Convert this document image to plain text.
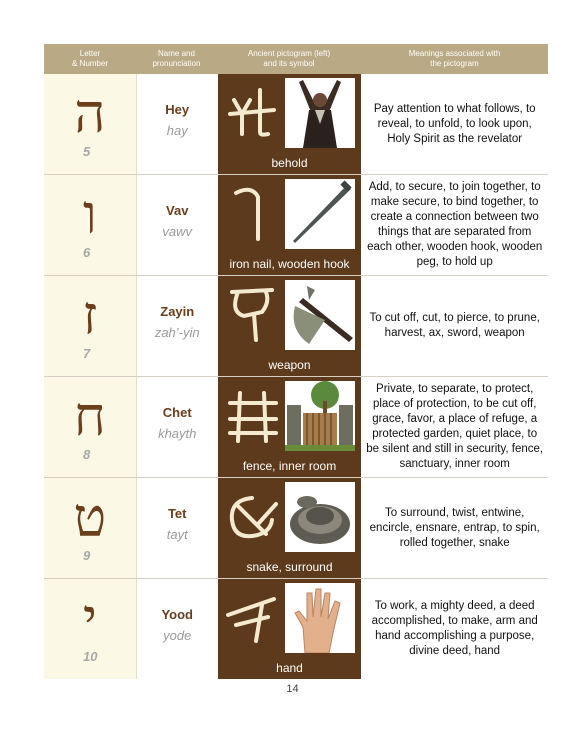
Letter
& Number
Name and
pronunciation
Ancient pictogram (left)
and its symbol
Meanings associated with
the pictogram
ה
5
Hey
hay
behold
Pay attention to what follows, to reveal, to unfold, to look upon, Holy Spirit as the revelator
ו
6
Vav
vawv
iron nail, wooden hook
Add, to secure, to join together, to make secure, to bind together, to create a connection between two things that are separated from each other, wooden hook, wooden peg, to hold up
ז
7
Zayin
zah’-yin
weapon
To cut off, cut, to pierce, to prune, harvest, ax, sword, weapon
ח
8
Chet
khayth
fence, inner room
Private, to separate, to protect, place of protection, to be cut off, grace, favor, a place of refuge, a protected garden, quiet place, to be silent and still in security, fence, sanctuary, inner room
ט
9
Tet
tayt
snake, surround
To surround, twist, entwine, encircle, ensnare, entrap, to spin, rolled together, snake
י
10
Yood
yode
hand
To work, a mighty deed, a deed accomplished, to make, arm and hand accomplishing a purpose, divine deed, hand
14
